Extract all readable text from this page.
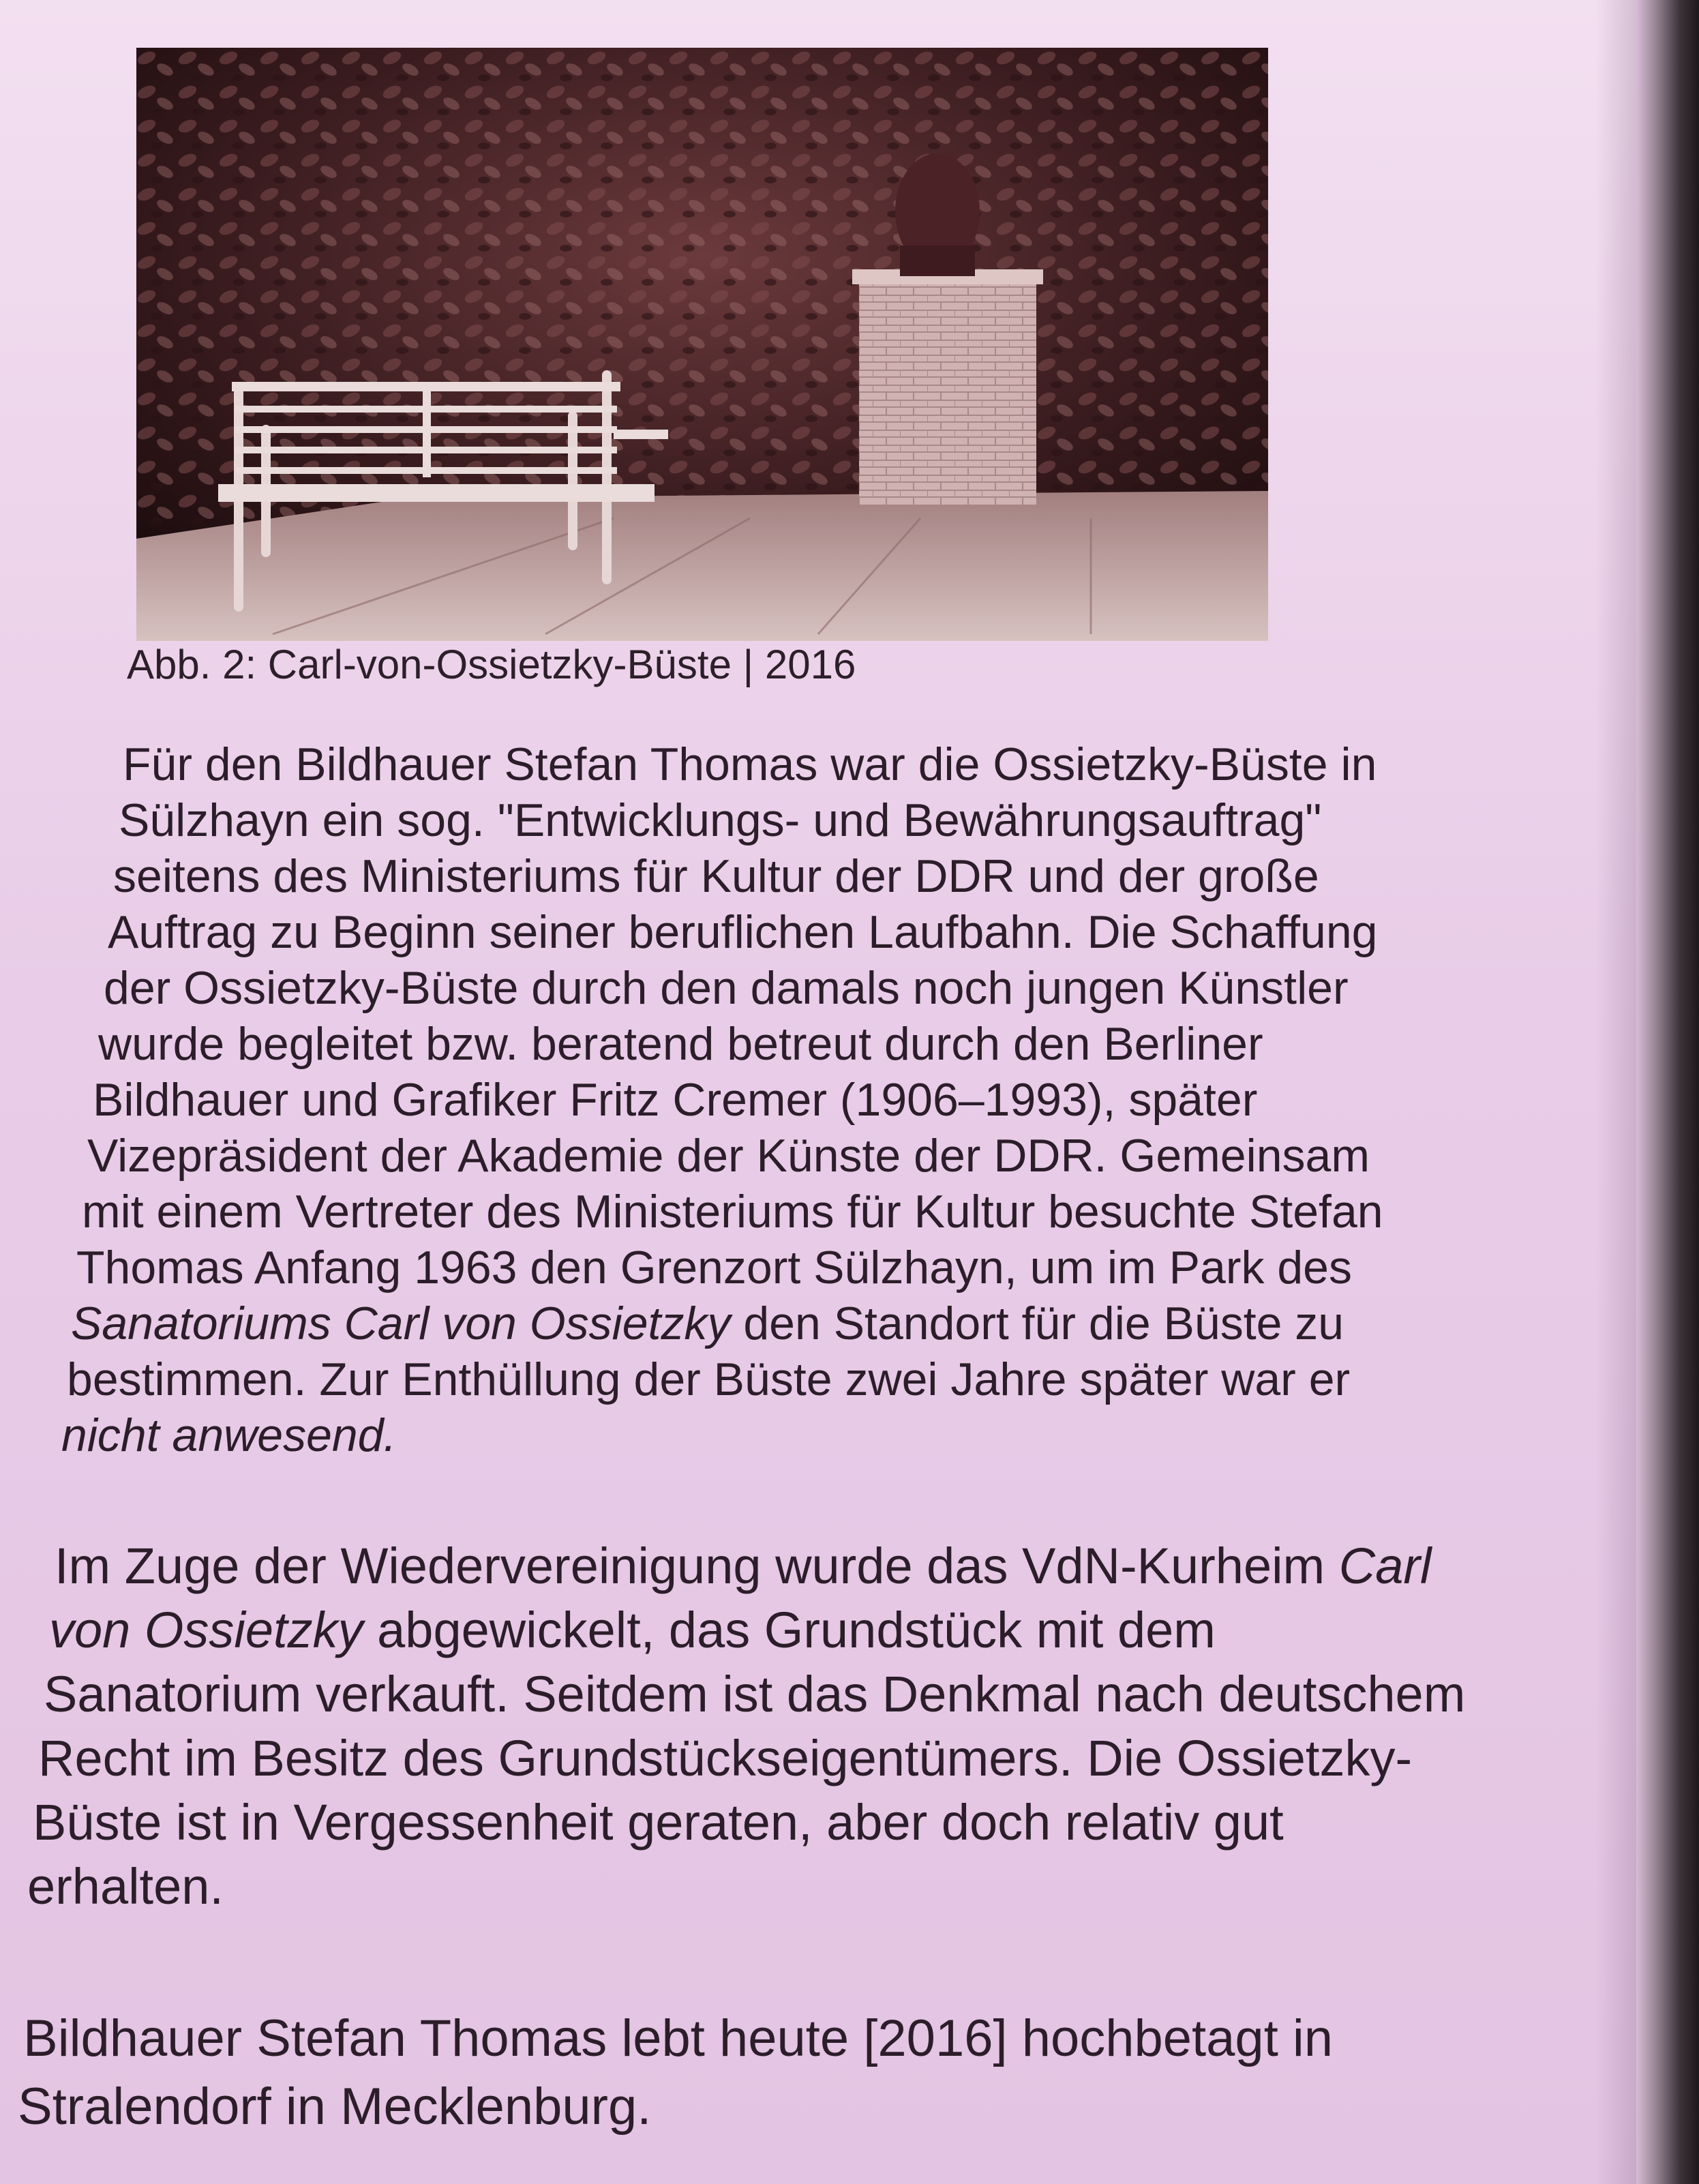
Abb. 2: Carl-von-Ossietzky-Büste | 2016
Für den Bildhauer Stefan Thomas war die Ossietzky-Büste in
Sülzhayn ein sog. "Entwicklungs- und Bewährungsauftrag"
seitens des Ministeriums für Kultur der DDR und der große
Auftrag zu Beginn seiner beruflichen Laufbahn. Die Schaffung
der Ossietzky-Büste durch den damals noch jungen Künstler
wurde begleitet bzw. beratend betreut durch den Berliner
Bildhauer und Grafiker Fritz Cremer (1906–1993), später
Vizepräsident der Akademie der Künste der DDR. Gemeinsam
mit einem Vertreter des Ministeriums für Kultur besuchte Stefan
Thomas Anfang 1963 den Grenzort Sülzhayn, um im Park des
Sanatoriums Carl von Ossietzky den Standort für die Büste zu
bestimmen. Zur Enthüllung der Büste zwei Jahre später war er
nicht anwesend.
Im Zuge der Wiedervereinigung wurde das VdN-Kurheim Carl
von Ossietzky abgewickelt, das Grundstück mit dem
Sanatorium verkauft. Seitdem ist das Denkmal nach deutschem
Recht im Besitz des Grundstückseigentümers. Die Ossietzky-
Büste ist in Vergessenheit geraten, aber doch relativ gut
erhalten.
Bildhauer Stefan Thomas lebt heute [2016] hochbetagt in
Stralendorf in Mecklenburg.
